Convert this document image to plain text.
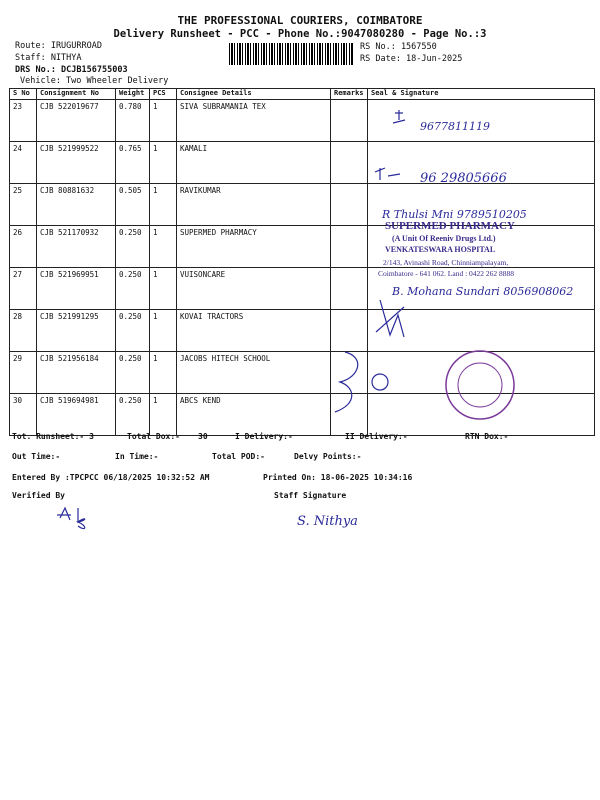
THE PROFESSIONAL COURIERS, COIMBATORE
Delivery Runsheet - PCC - Phone No.:9047080280 - Page No.:3
Route: IRUGURROAD
Staff: NITHYA
DRS No.: DCJB156755003
Vehicle: Two Wheeler Delivery
RS No.: 1567550
RS Date: 18-Jun-2025
S No	Consignment No	Weight	PCS	Consignee Details	Remarks	Seal & Signature
23	CJB 522019677	0.780	1	SIVA SUBRAMANIA TEX		
24	CJB 521999522	0.765	1	KAMALI		
25	CJB 80881632	0.505	1	RAVIKUMAR		
26	CJB 521170932	0.250	1	SUPERMED PHARMACY		
27	CJB 521969951	0.250	1	VUISONCARE		
28	CJB 521991295	0.250	1	KOVAI TRACTORS		
29	CJB 521956184	0.250	1	JACOBS HITECH SCHOOL		
30	CJB 519694981	0.250	1	ABCS KEND		
9677811119
96 29805666
R Thulsi Mni 9789510205
B. Mohana Sundari 8056908062
S. Nithya
SUPERMED PHARMACY
(A Unit Of Reeniv Drugs Ltd.)
VENKATESWARA HOSPITAL
2/143, Avinashi Road, Chinniampalayam,
Coimbatore - 641 062. Land : 0422 262 8888
Tot. Runsheet:- 3	Total Dox:- 30	I Delivery:-	II Delivery:-	RTN Dox:-
Out Time:-	In Time:-	Total POD:-	Delvy Points:-
Entered By :TPCPCC 06/18/2025 10:32:52 AM	Printed On: 18-06-2025 10:34:16
Verified By	Staff Signature
